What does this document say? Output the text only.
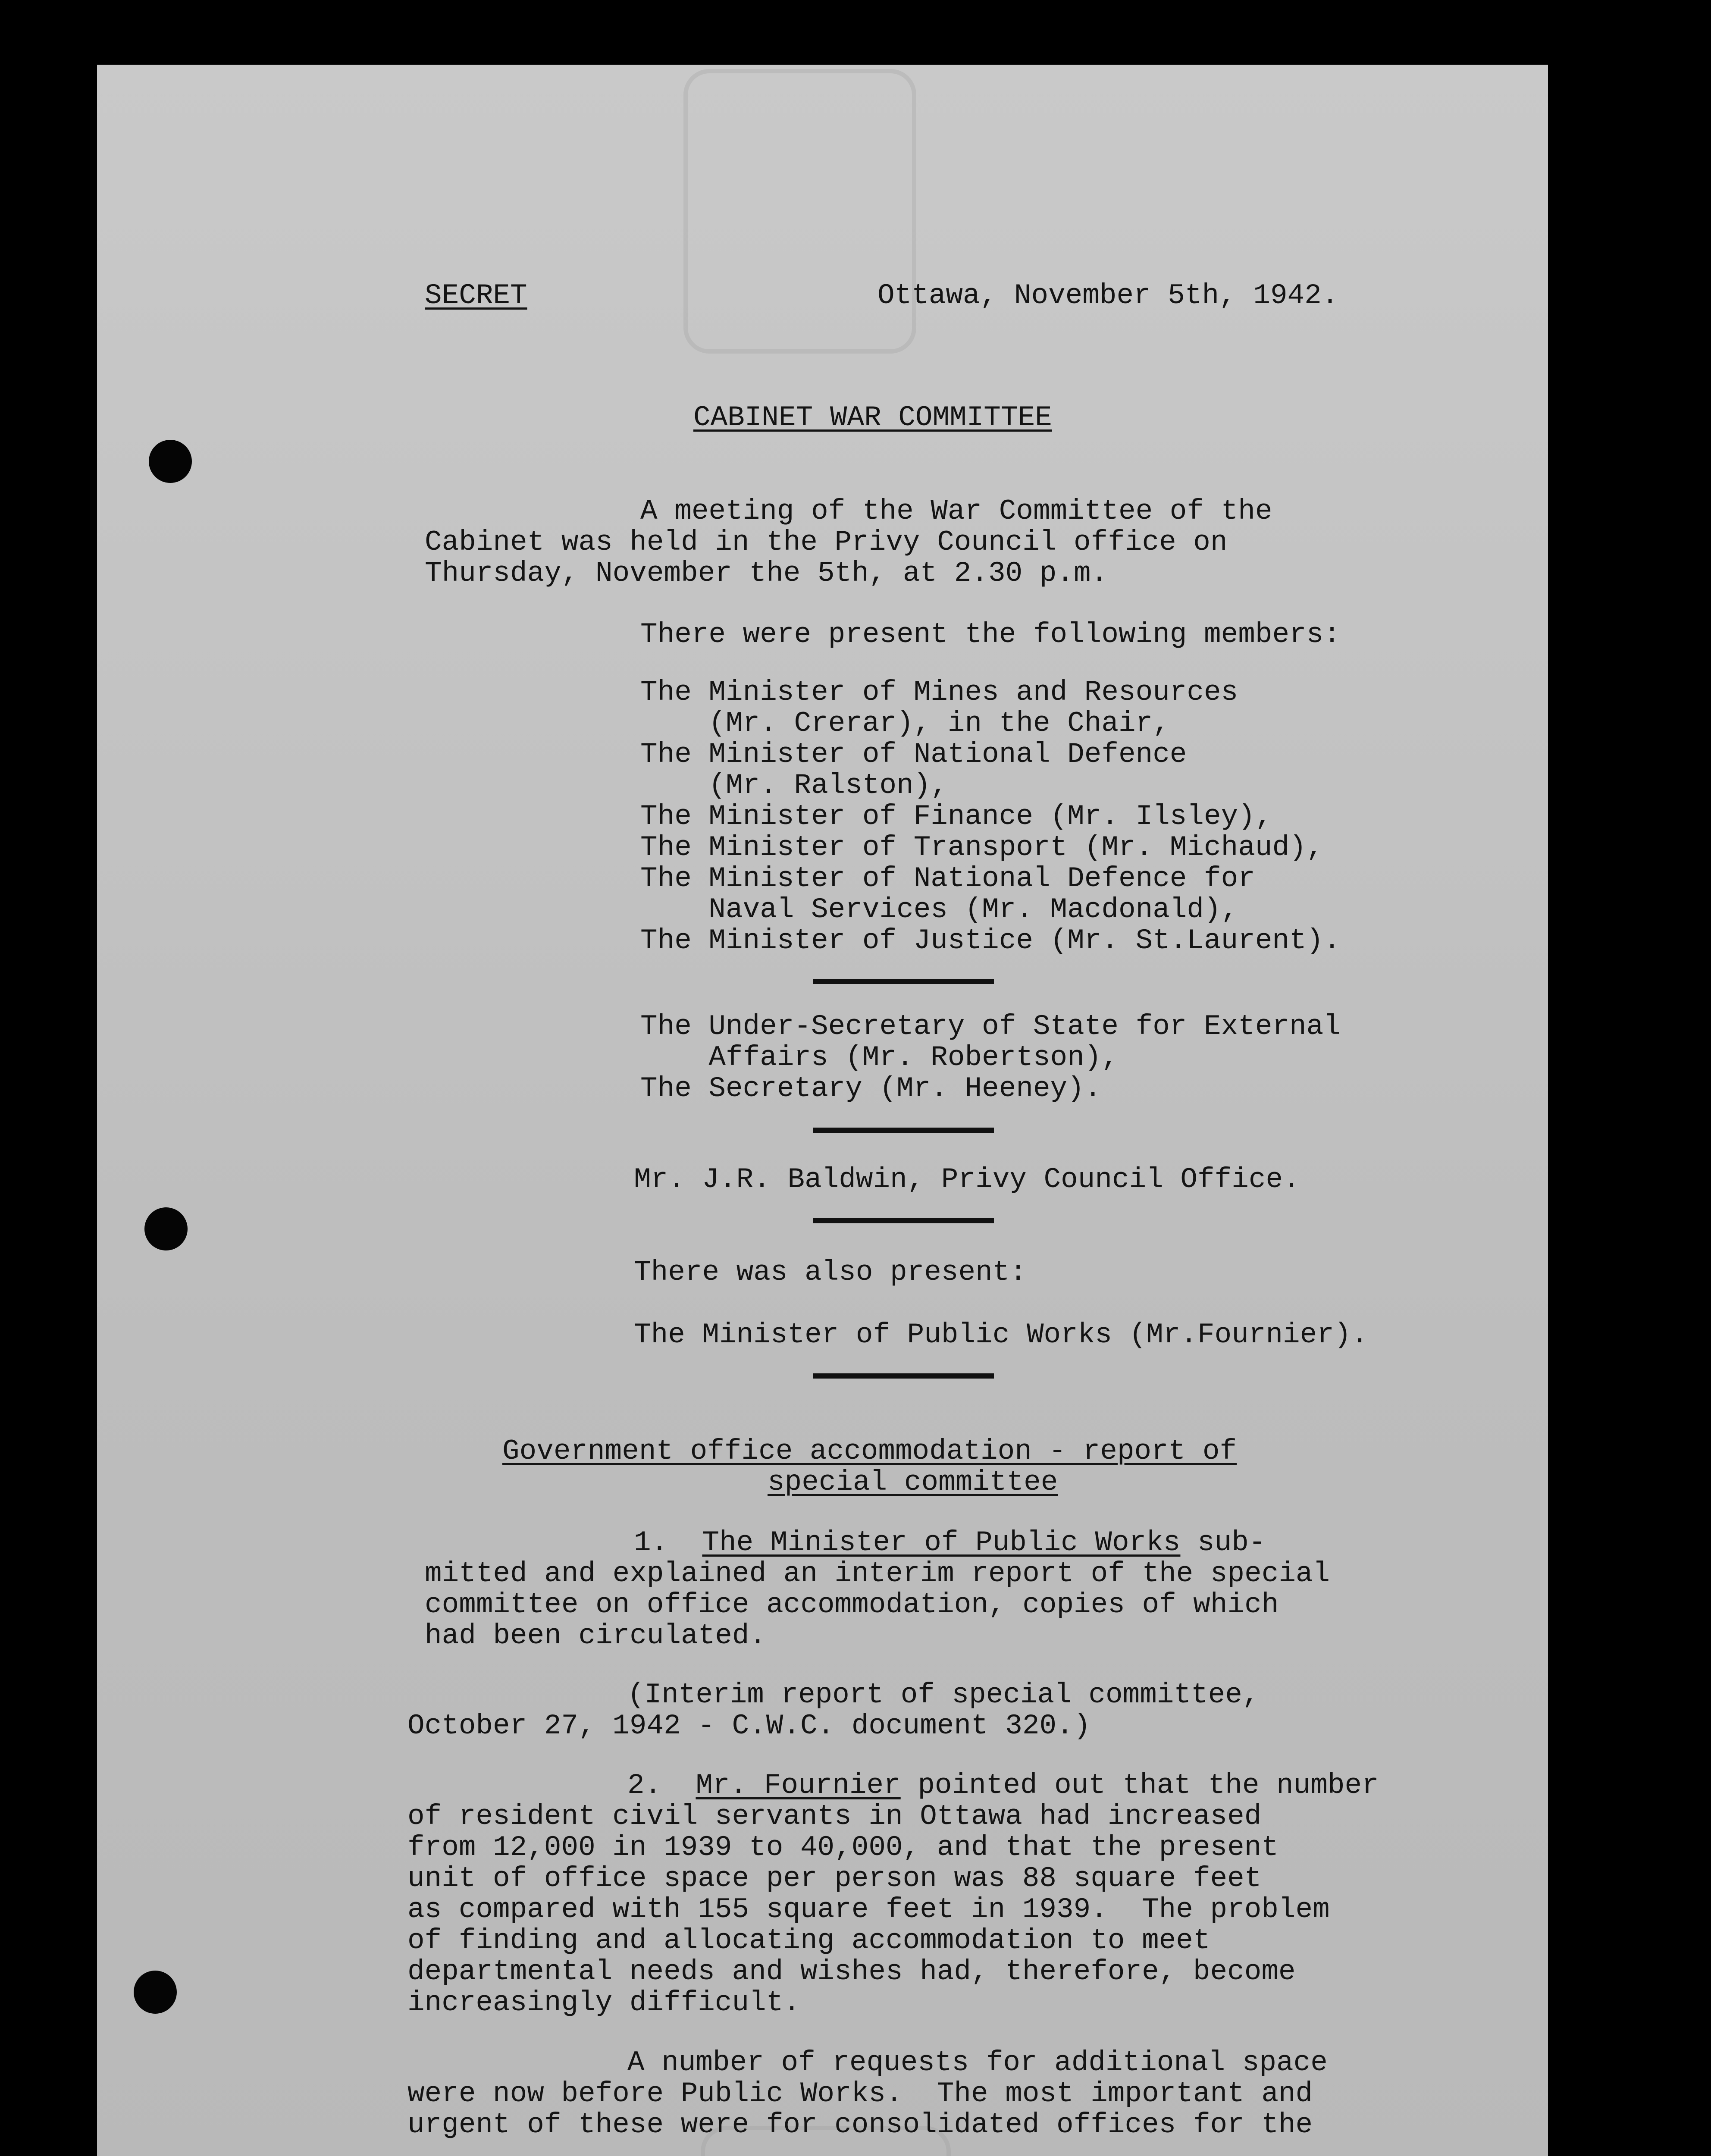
SECRET	Ottawa, November 5th, 1942.

CABINET WAR COMMITTEE

A meeting of the War Committee of the

Cabinet was held in the Privy Council office on

Thursday, November the 5th, at 2.30 p.m.

There were present the following members:

The Minister of Mines and Resources

(Mr. Crerar), in the Chair,

The Minister of National Defence

(Mr. Ralston),

The Minister of Finance (Mr. Ilsley),

The Minister of Transport (Mr. Michaud),

The Minister of National Defence for

Naval Services (Mr. Macdonald),

The Minister of Justice (Mr. St.Laurent).

The Under-Secretary of State for External

Affairs (Mr. Robertson),

The Secretary (Mr. Heeney).

Mr. J.R. Baldwin, Privy Council Office.

There was also present:

The Minister of Public Works (Mr.Fournier).

Government office accommodation - report of

special committee

1.  The Minister of Public Works sub-

mitted and explained an interim report of the special

committee on office accommodation, copies of which

had been circulated.

(Interim report of special committee,

October 27, 1942 - C.W.C. document 320.)

2.  Mr. Fournier pointed out that the number

of resident civil servants in Ottawa had increased

from 12,000 in 1939 to 40,000, and that the present

unit of office space per person was 88 square feet

as compared with 155 square feet in 1939.  The problem

of finding and allocating accommodation to meet

departmental needs and wishes had, therefore, become

increasingly difficult.

A number of requests for additional space

were now before Public Works.  The most important and

urgent of these were for consolidated offices for the
